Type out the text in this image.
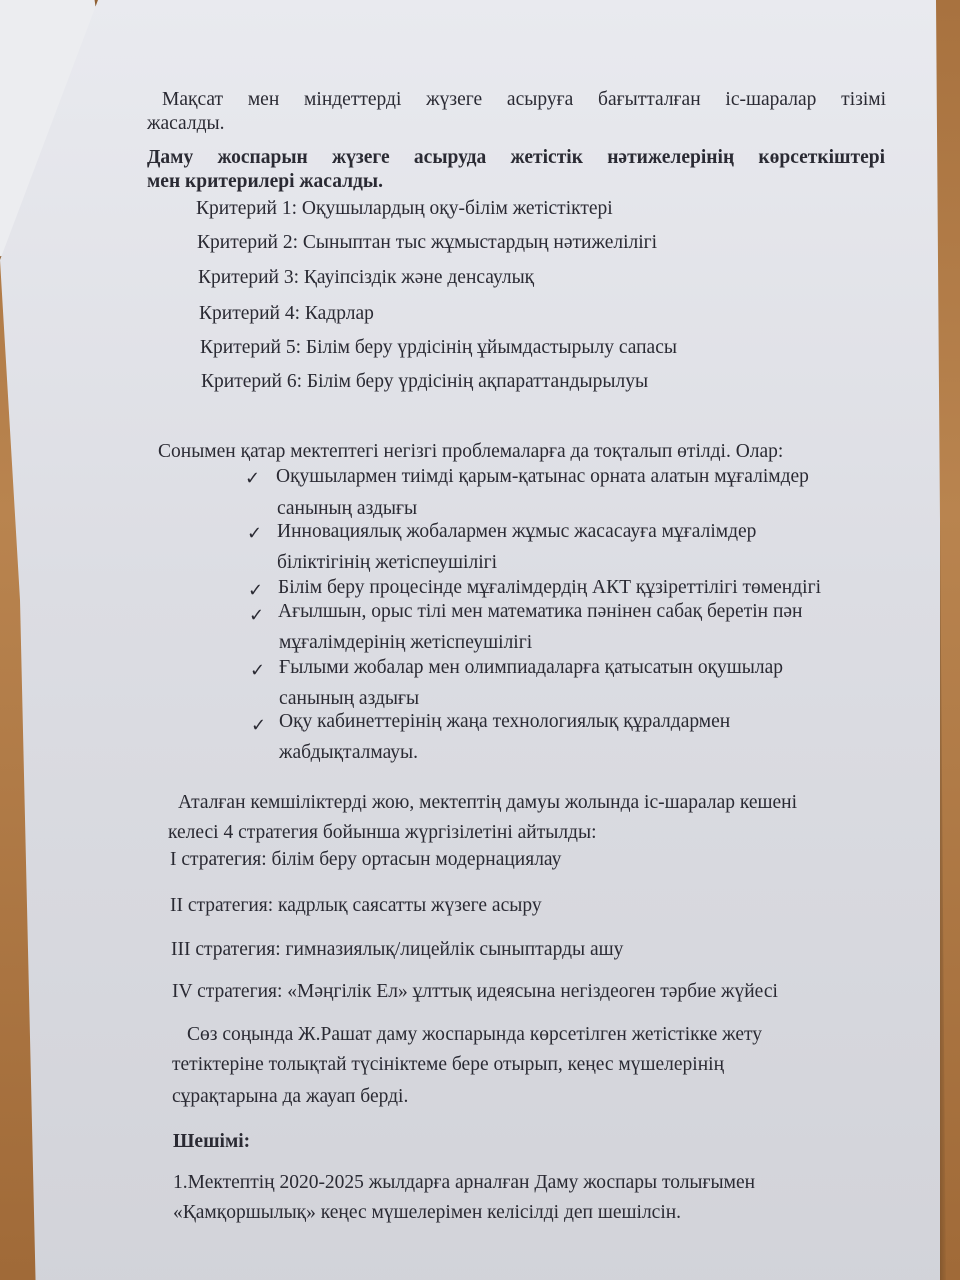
Мақсат мен міндеттерді жүзеге асыруға бағытталған іс-шаралар тізімі
жасалды.
Даму жоспарын жүзеге асыруда жетістік нәтижелерінің көрсеткіштері
мен критерилері жасалды.
Критерий 1: Оқушылардың оқу-білім жетістіктері
Критерий 2: Сыныптан тыс жұмыстардың нәтижелілігі
Критерий 3: Қауіпсіздік және денсаулық
Критерий 4: Кадрлар
Критерий 5: Білім беру үрдісінің ұйымдастырылу сапасы
Критерий 6: Білім беру үрдісінің ақпараттандырылуы
Сонымен қатар мектептегі негізгі проблемаларға да тоқталып өтілді. Олар:
✓ Оқушылармен тиімді қарым-қатынас орната алатын мұғалімдер
санының аздығы
✓ Инновациялық жобалармен жұмыс жасасауға мұғалімдер
біліктігінің жетіспеушілігі
✓ Білім беру процесінде мұғалімдердің АКТ құзіреттілігі төмендігі
✓ Ағылшын, орыс тілі мен математика пәнінен сабақ беретін пән
мұғалімдерінің жетіспеушілігі
✓ Ғылыми жобалар мен олимпиадаларға қатысатын оқушылар
санының аздығы
✓ Оқу кабинеттерінің жаңа технологиялық құралдармен
жабдықталмауы.
Аталған кемшіліктерді жою, мектептің дамуы жолында іс-шаралар кешені
келесі 4 стратегия бойынша жүргізілетіні айтылды:
I стратегия: білім беру ортасын модернациялау
II стратегия: кадрлық саясатты жүзеге асыру
III стратегия: гимназиялық/лицейлік сыныптарды ашу
IV стратегия: «Мәңгілік Ел» ұлттық идеясына негіздеоген тәрбие жүйесі
Сөз соңында Ж.Рашат даму жоспарында көрсетілген жетістікке жету
тетіктеріне толықтай түсініктеме бере отырып, кеңес мүшелерінің
сұрақтарына да жауап берді.
Шешімі:
1.Мектептің 2020-2025 жылдарға арналған Даму жоспары толығымен
«Қамқоршылық» кеңес мүшелерімен келісілді деп шешілсін.
